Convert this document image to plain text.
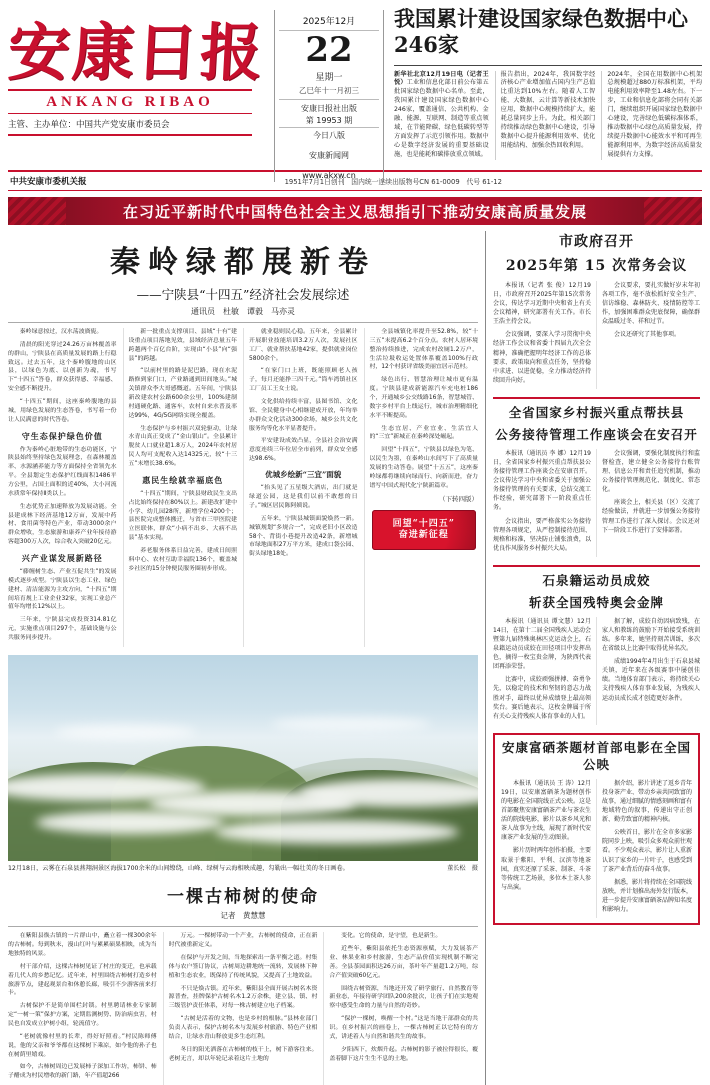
安康日报
ANKANG RIBAO
主管、主办单位：中国共产党安康市委员会
2025年12月
22
星期一
乙巳年十一月初三
安康日报社出版
第 19953 期
今日八版
安康新闻网
www.akxw.cn
我国累计建设国家绿色数据中心246家
新华社北京12月19日电（记者王悦）工业和信息化部日前公布第五批国家绿色数据中心名单。至此，我国累计建设国家绿色数据中心246家，覆盖通信、公共机构、金融、能源、互联网、制造等重点领域，在节能降碳、绿色低碳转型等方面发挥了示范引领作用。数据中心是数字经济发展的重要基础设施，也是能耗和碳排放重点领域。
报告指出，2024年，我国数字经济核心产业增加值占国内生产总值比重达到10%左右。随着人工智能、大数据、云计算等新技术加快应用，数据中心规模持续扩大，能耗总量同步上升。为此，相关部门持续推动绿色数据中心建设，引导数据中心提升能源利用效率、优化用能结构、加强余热回收利用。
2024年，全国在用数据中心机架总规模超过880万标准机架，平均电能利用效率降至1.48左右。下一步，工业和信息化部将会同有关部门，继续组织开展国家绿色数据中心建设，完善绿色低碳标准体系，推动数据中心绿色高质量发展，持续提升数据中心能效水平和可再生能源利用率，为数字经济高质量发展提供有力支撑。
中共安康市委机关报	1951年7月1日创刊　国内统一连续出版物号CN 61-0009　代号 61-12
在习近平新时代中国特色社会主义思想指引下推动安康高质量发展
秦岭绿都展新卷
——宁陕县“十四五”经济社会发展综述
通讯员　杜敏　谭毅　马亦灵

秦岭绿意掠过，汉水荡波旖旎。

清晨的阳光穿过24.26万亩林覆盖率的群山，宁陕县在高质量发展的路上行稳致远。过去五年，这个秦岭腹地的山区县，以绿色为底、以创新为魂，书写下“十四五”答卷，群众获得感、幸福感、安全感不断提升。

“十四五”期间，这座秦岭腹地的县城，用绿色发展的生态答卷，书写着一份让人民满意的时代答卷。

守生态保护绿色价值

作为秦岭心脏地带的生态功能区，宁陕县始终坚持绿色发展理念，在森林覆盖率、水源涵养能力等方面保持全省领先水平。全县划定生态保护红线面积1486平方公里，占国土面积的近40%，大小河流水质常年保持Ⅱ类以上。

生态优势正加速释放为发展动能。全县建成林下经济基地12万亩，发展中药材、食用菌等特色产业，带动3000余户群众增收，生态旅游和康养产业年接待游客超300万人次，综合收入突破20亿元。

兴产业谋发展新路径

“藤缠树生态、产业互促共生”的发展模式逐步成型。宁陕县以生态工业、绿色建材、清洁能源为主攻方向，“十四五”期间培育规上工业企业32家，实现工业总产值年均增长12%以上。

三年来，宁陕县完成投资314.81亿元，实施重点项目297个，基础设施与公共服务同步提升。

新一批重点支撑项目、县域“十有”建设重点项目落地见效，县域经济总量五年跨越两个百亿台阶，实现由“小县”向“强县”的跨越。

“以前村里的路是泥巴路，现在水泥路修到家门口，产业路通到田间地头。”城关镇群众李大哥感慨道。五年间，宁陕县新改建农村公路600余公里，100%建制村通硬化路、通客车，农村自来水普及率达99%，4G/5G网络实现全覆盖。

生态保护与乡村振兴双轮驱动，让绿水青山真正变成了“金山银山”。全县累计脱贫人口就业超1.8万人，2024年农村居民人均可支配收入达14325元，较“十三五”末增长38.6%。

惠民生绘就幸福底色

“十四五”期间，宁陕县财政民生支出占比始终保持在80%以上。新建改扩建中小学、幼儿园28所，新增学位4200个；县医院完成整体搬迁，与省市三甲医院建立医联体，群众“小病不出乡、大病不出县”基本实现。

养老服务体系日益完善，建成日间照料中心、农村互助幸福院136个，覆盖城乡社区的15分钟便民服务圈初步形成。

就业稳则民心稳。五年来，全县累计开展职业技能培训3.2万人次，发展社区工厂、就业帮扶基地42家，提供就业岗位5800余个。

“在家门口上班，既能照顾老人孩子，每月还能挣三四千元。”筒车湾镇社区工厂员工王女士说。

文化供给持续丰富，县图书馆、文化馆、全民健身中心相继建成开放，年均举办群众文化活动300余场，城乡公共文化服务均等化水平显著提升。

平安建设成效凸显，全县社会治安满意度连续三年位居全市前列，群众安全感达98.6%。

优城乡绘新“三宜”面貌

“抬头见了五星级大酒店，出门就是绿道公园，这是我们以前不敢想的日子。”城区居民陈阿姨说。

五年来，宁陕县城镇面貌焕然一新。城镇规划“多规合一”，完成老旧小区改造58个、背街小巷提升改造42条，新增城市绿地面积27万平方米，建成口袋公园、街头绿地18处。

全县城镇化率提升至52.8%，较“十三五”末提高6.2个百分点。农村人居环境整治持续推进，完成农村改厕1.2万户，生活垃圾收运处置体系覆盖100%行政村，12个村获评省级美丽宜居示范村。

绿色出行、智慧治理让城市更有温度。宁陕县建成新能源汽车充电桩186个，开通城乡公交线路16条，智慧城管、数字乡村平台上线运行，城市治理精细化水平不断提高。

生态宜居、产业宜业、生活宜人的“三宜”新城正在秦岭深处崛起。

回望“十四五”，宁陕县以绿色为笔、以民生为墨，在秦岭山水间写下了高质量发展的生动答卷。展望“十五五”，这座秦岭绿都将继续向绿而行、向新而进，奋力谱写中国式现代化宁陕新篇章。

（下转四版）
回望“十四五”
奋进新征程
董长松　摄
12月18日，云雾在石泉县燕翔洞景区海拔1700余米的山间缭绕，山峰、绿树与云海相映成趣，勾勒出一幅壮美的冬日画卷。
一棵古柿树的使命
记者　黄慧慧

在紫阳县焕古镇的一片群山中，矗立着一棵300余年的古柿树。每到秋末，漫山红叶与累累硕果相映，成为当地独特的风景。

村干部介绍，这棵古柿树见证了村庄的变迁，也承载着几代人的乡愁记忆。近年来，村里围绕古柿树打造乡村旅游节点，建起观景台和休憩长廊，吸引不少游客前来打卡。

古树保护不是简单围栏封锁。村里聘请林业专家制定“一树一策”保护方案，定期监测树势、防治病虫害，村民也自发成立护树小组，轮流值守。

“老树就像村里的长辈，得好好照看。”村民陈师傅说，他的父亲和爷爷都在这棵树下乘凉，如今他的孙子也在树荫里嬉戏。

如今，古柿树周边已发展柿子深加工作坊，柿饼、柿子醋成为村民增收的新门路，年产值超266

万元。一棵树带动一个产业，古柿树的使命，正在新时代被重新定义。

在保护与开发之间，当地探索出一条平衡之道。村集体与农户签订协议，古树周边耕地统一流转，发展林下种植和生态农业，既保持了传统风貌，又提高了土地效益。

不只是焕古镇。近年来，紫阳县全面开展古树名木资源普查，挂牌保护古树名木1.2万余株，建立县、镇、村三级管护责任体系，对每一株古树建立电子档案。

“古树是活着的文物，也是乡村的根脉。”县林业部门负责人表示，保护古树名木与发展乡村旅游、特色产业相结合，让绿水青山释放更多生态红利。

冬日的阳光洒落在古柿树的枝干上，树下游客往来。老树无言，却以年轮记录着这片土地的

变化。它的使命，是守望，也是新生。

近些年，紫阳县依托生态资源禀赋，大力发展茶产业、林果业和乡村旅游，生态产品价值实现机制不断完善。全县茶园面积达26万亩，茶叶年产量超1.2万吨，综合产值突破60亿元。

围绕古树资源，当地还开发了研学旅行、自然教育等新业态，年接待研学团队200余批次，让孩子们在实地观察中感受生命的力量与自然的奇妙。

“保护一棵树，唤醒一个村。”这是当地干部群众的共识。在乡村振兴的画卷上，一棵古柿树正以它特有的方式，讲述着人与自然和谐共生的故事。

夕阳西下，炊烟升起。古柿树的影子被拉得很长，覆盖着脚下这片生生不息的土地。

市政府召开
2025年第 15 次常务会议

本报讯（记者 张 俊）12月19日，市政府召开2025年第15次常务会议，传达学习近期中央和省上有关会议精神，研究部署有关工作。市长王浩主持会议。

会议强调，要深入学习贯彻中央经济工作会议和省委十四届九次全会精神，准确把握明年经济工作的总体要求、政策取向和重点任务，坚持稳中求进、以进促稳，全力推动经济持续回升向好。

会议要求，要扎实做好岁末年初各项工作，毫不放松抓好安全生产、信访维稳、森林防火、疫情防控等工作，加强困难群众兜底保障，确保群众温暖过冬、祥和过节。

会议还研究了其他事项。

全省国家乡村振兴重点帮扶县
公务接待管理工作座谈会在安召开

本报讯（通讯员 李 娜）12月19日，全省国家乡村振兴重点帮扶县公务接待管理工作座谈会在安康召开。会议传达学习中央和省委关于加强公务接待管理的有关要求，总结交流工作经验，研究部署下一阶段重点任务。

会议指出，要严格落实公务接待管理各项规定，从严控制接待范围、规格和标准，坚决防止铺张浪费，以优良作风服务乡村振兴大局。

会议强调，要强化制度执行和监督检查，建立健全公务接待台账管理、信息公开和责任追究机制，推动公务接待管理规范化、制度化、常态化。

座谈会上，相关县（区）交流了经验做法，并就进一步加强公务接待管理工作进行了深入探讨。会议还对下一阶段工作进行了安排部署。

石泉籍运动员成姣
斩获全国残特奥会金牌

本报讯（通讯员 谭文慧）12月14日，在第十二届全国残疾人运动会暨第九届特殊奥林匹克运动会上，石泉籍运动员成姣在田径项目中发挥出色，摘得一枚宝贵金牌，为陕西代表团再添荣誉。

比赛中，成姣顽强拼搏、奋勇争先，以稳定的技术和坚韧的意志力战胜对手，最终以优异成绩登上最高领奖台。赛后她表示，这枚金牌属于所有关心支持残疾人体育事业的人们。

据了解，成姣自幼因病致残，在家人和教练的鼓励下开始接受系统训练。多年来，她坚持刻苦训练，多次在省级以上比赛中取得优异名次。

成绩1994年4月出生于石泉县城关镇，近年来在各级赛事中屡创佳绩。当地体育部门表示，将持续关心支持残疾人体育事业发展，为残疾人运动员成长成才创造更好条件。

安康富硒茶题材首部电影在全国公映

本报讯（通讯员 王 涛）12月19日，以安康富硒茶为题材创作的电影在全国院线正式公映。这是首部聚焦安康富硒茶产业与茶农生活的院线电影，影片以茶乡风光和茶人故事为主线，展现了新时代安康茶产业发展的生动图景。

影片历时两年创作拍摄，主要取景于紫阳、平利、汉滨等地茶园，真实还原了采茶、制茶、斗茶等传统工艺场景，多位本土茶人参与出演。

据介绍，影片讲述了返乡青年投身茶产业、带动乡亲共同致富的故事，通过细腻的情感刻画和富有地域特色的叙事，传递出守正创新、勤劳致富的精神内核。

公映首日，影片在全市多家影院同步上映，吸引众多观众前往观看。不少观众表示，影片让人重新认识了家乡的一片叶子，也感受到了茶产业背后的奋斗故事。

据悉，影片将持续在全国院线放映，并计划推出海外发行版本，进一步提升安康富硒茶品牌知名度和影响力。
